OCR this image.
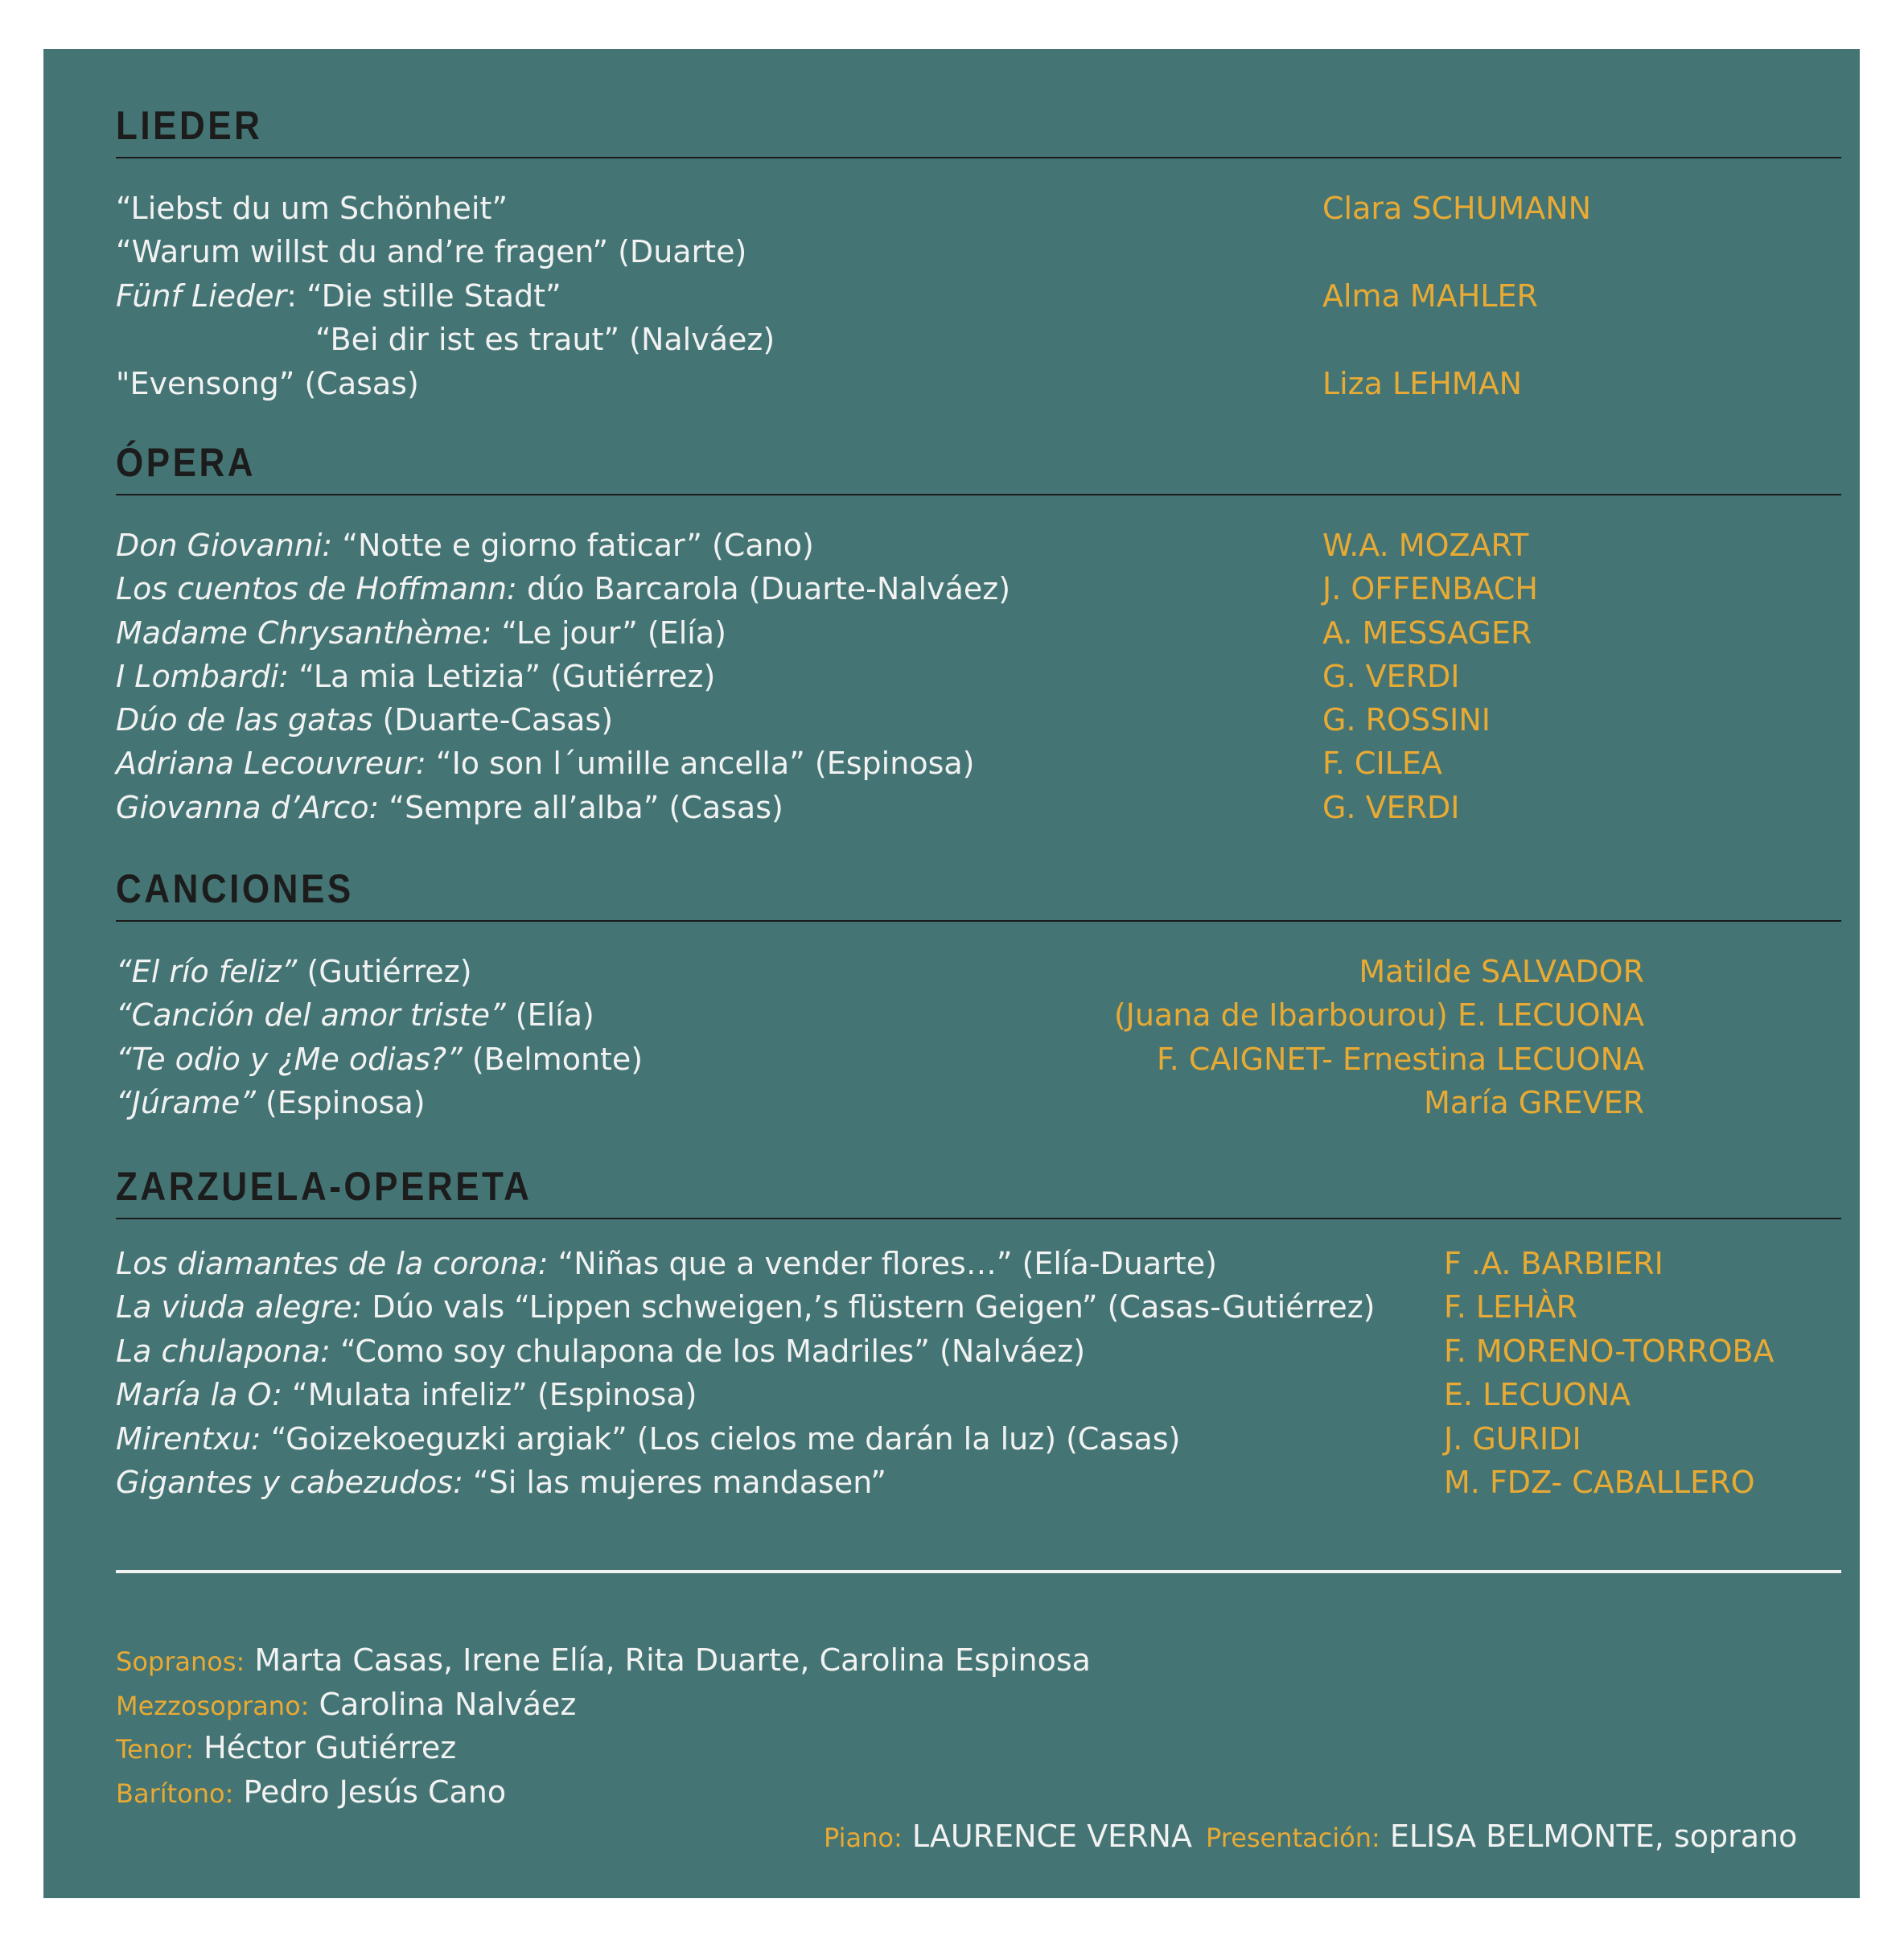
LIEDER
“Liebst du um Schönheit”	Clara SCHUMANN
“Warum willst du and’re fragen” (Duarte)
Fünf Lieder: “Die stille Stadt”	Alma MAHLER
“Bei dir ist es traut” (Nalváez)
"Evensong” (Casas)	Liza LEHMAN
ÓPERA
Don Giovanni: “Notte e giorno faticar” (Cano)	W.A. MOZART
Los cuentos de Hoffmann: dúo Barcarola (Duarte-Nalváez)	J. OFFENBACH
Madame Chrysanthème: “Le jour” (Elía)	A. MESSAGER
I Lombardi: “La mia Letizia” (Gutiérrez)	G. VERDI
Dúo de las gatas (Duarte-Casas)	G. ROSSINI
Adriana Lecouvreur: “Io son l´umille ancella” (Espinosa)	F. CILEA
Giovanna d’Arco: “Sempre all’alba” (Casas)	G. VERDI
CANCIONES
“El río feliz” (Gutiérrez)	Matilde SALVADOR
“Canción del amor triste” (Elía)	(Juana de Ibarbourou) E. LECUONA
“Te odio y ¿Me odias?” (Belmonte)	F. CAIGNET- Ernestina LECUONA
“Júrame” (Espinosa)	María GREVER
ZARZUELA-OPERETA
Los diamantes de la corona: “Niñas que a vender flores…” (Elía-Duarte)	F .A. BARBIERI
La viuda alegre: Dúo vals “Lippen schweigen,’s flüstern Geigen” (Casas-Gutiérrez) F. LEHÀR
La chulapona: “Como soy chulapona de los Madriles” (Nalváez)	F. MORENO-TORROBA
María la O: “Mulata infeliz” (Espinosa)	E. LECUONA
Mirentxu: “Goizekoeguzki argiak” (Los cielos me darán la luz) (Casas)	J. GURIDI
Gigantes y cabezudos: “Si las mujeres mandasen”	M. FDZ- CABALLERO
Sopranos: Marta Casas, Irene Elía, Rita Duarte, Carolina Espinosa
Mezzosoprano: Carolina Nalváez
Tenor: Héctor Gutiérrez
Barítono: Pedro Jesús Cano
Piano: LAURENCE VERNA Presentación: ELISA BELMONTE, soprano
